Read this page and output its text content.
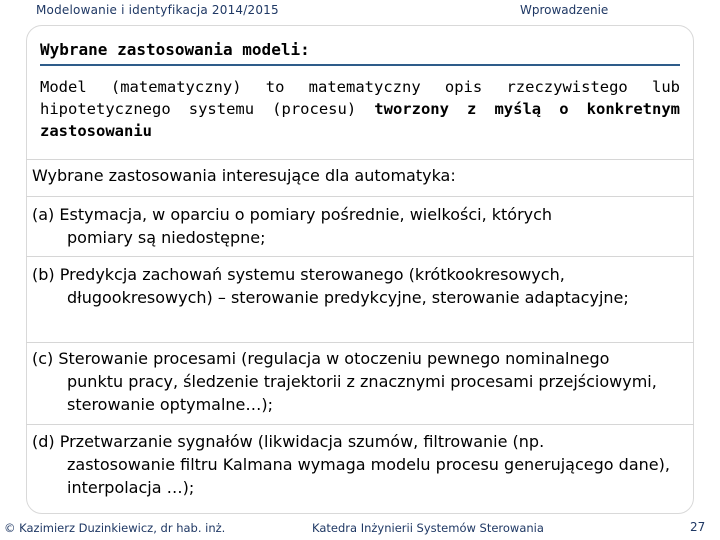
Modelowanie i identyfikacja 2014/2015	Wprowadzenie
Wybrane zastosowania modeli:
Model (matematyczny) to matematyczny opis rzeczywistego lub hipotetycznego systemu (procesu) tworzony z myślą o konkretnym zastosowaniu
Wybrane zastosowania interesujące dla automatyka:
(a) Estymacja, w oparciu o pomiary pośrednie, wielkości, których
pomiary są niedostępne;
(b) Predykcja zachowań systemu sterowanego (krótkookresowych,
długookresowych) – sterowanie predykcyjne, sterowanie adaptacyjne;
(c) Sterowanie procesami (regulacja w otoczeniu pewnego nominalnego
punktu pracy, śledzenie trajektorii z znacznymi procesami przejściowymi, sterowanie optymalne…);
(d) Przetwarzanie sygnałów (likwidacja szumów, filtrowanie (np.
zastosowanie filtru Kalmana wymaga modelu procesu generującego dane), interpolacja …);
© Kazimierz Duzinkiewicz, dr hab. inż.	Katedra Inżynierii Systemów Sterowania	27
